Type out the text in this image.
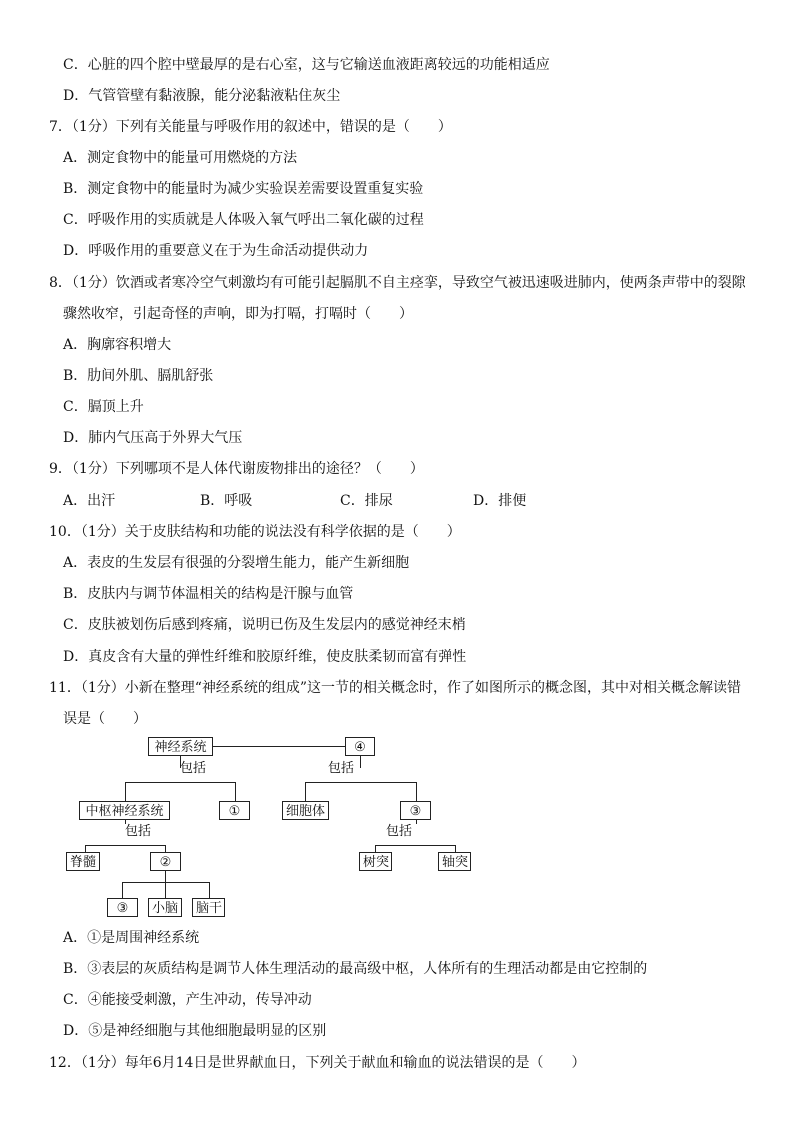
C．心脏的四个腔中壁最厚的是右心室，这与它输送血液距离较远的功能相适应
D．气管管壁有黏液腺，能分泌黏液粘住灰尘
7．（1分）下列有关能量与呼吸作用的叙述中，错误的是（　　）
A．测定食物中的能量可用燃烧的方法
B．测定食物中的能量时为减少实验误差需要设置重复实验
C．呼吸作用的实质就是人体吸入氧气呼出二氧化碳的过程
D．呼吸作用的重要意义在于为生命活动提供动力
8．（1分）饮酒或者寒冷空气刺激均有可能引起膈肌不自主痉挛，导致空气被迅速吸进肺内，使两条声带中的裂隙
骤然收窄，引起奇怪的声响，即为打嗝，打嗝时（　　）
A．胸廓容积增大
B．肋间外肌、膈肌舒张
C．膈顶上升
D．肺内气压高于外界大气压
9．（1分）下列哪项不是人体代谢废物排出的途径？（　　）
A．出汗	B．呼吸	C．排尿	D．排便
10．（1分）关于皮肤结构和功能的说法没有科学依据的是（　　）
A．表皮的生发层有很强的分裂增生能力，能产生新细胞
B．皮肤内与调节体温相关的结构是汗腺与血管
C．皮肤被划伤后感到疼痛，说明已伤及生发层内的感觉神经末梢
D．真皮含有大量的弹性纤维和胶原纤维，使皮肤柔韧而富有弹性
11．（1分）小新在整理“神经系统的组成”这一节的相关概念时，作了如图所示的概念图，其中对相关概念解读错
误是（　　）
神经系统	④
包括	包括
中枢神经系统	①	细胞体	③
包括	包括
脊髓	②	树突	轴突
③	小脑	脑干
A．①是周围神经系统
B．③表层的灰质结构是调节人体生理活动的最高级中枢，人体所有的生理活动都是由它控制的
C．④能接受刺激，产生冲动，传导冲动
D．⑤是神经细胞与其他细胞最明显的区别
12．（1分）每年6月14日是世界献血日，下列关于献血和输血的说法错误的是（　　）
